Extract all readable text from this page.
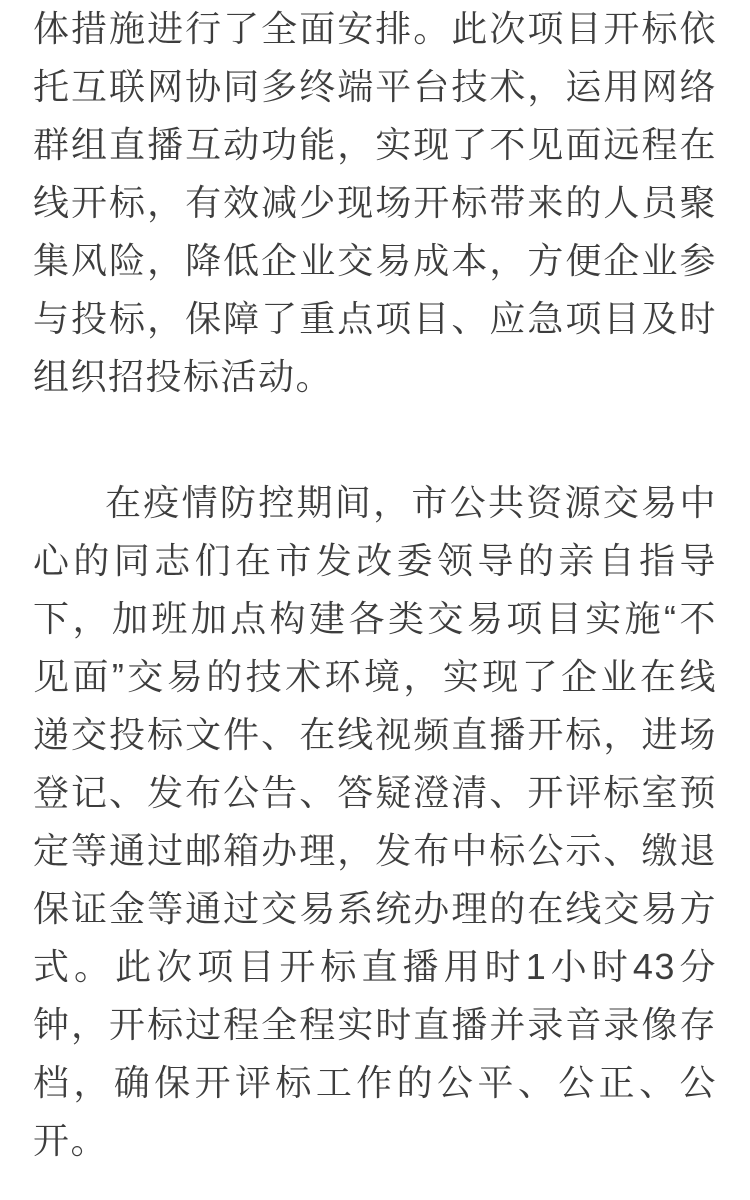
体措施进行了全面安排。此次项目开标依托互联网协同多终端平台技术，运用网络群组直播互动功能，实现了不见面远程在线开标，有效减少现场开标带来的人员聚集风险，降低企业交易成本，方便企业参与投标，保障了重点项目、应急项目及时组织招投标活动。

在疫情防控期间，市公共资源交易中心的同志们在市发改委领导的亲自指导下，加班加点构建各类交易项目实施“不见面”交易的技术环境，实现了企业在线递交投标文件、在线视频直播开标，进场登记、发布公告、答疑澄清、开评标室预定等通过邮箱办理，发布中标公示、缴退保证金等通过交易系统办理的在线交易方式。此次项目开标直播用时1小时43分钟，开标过程全程实时直播并录音录像存档，确保开评标工作的公平、公正、公开。
